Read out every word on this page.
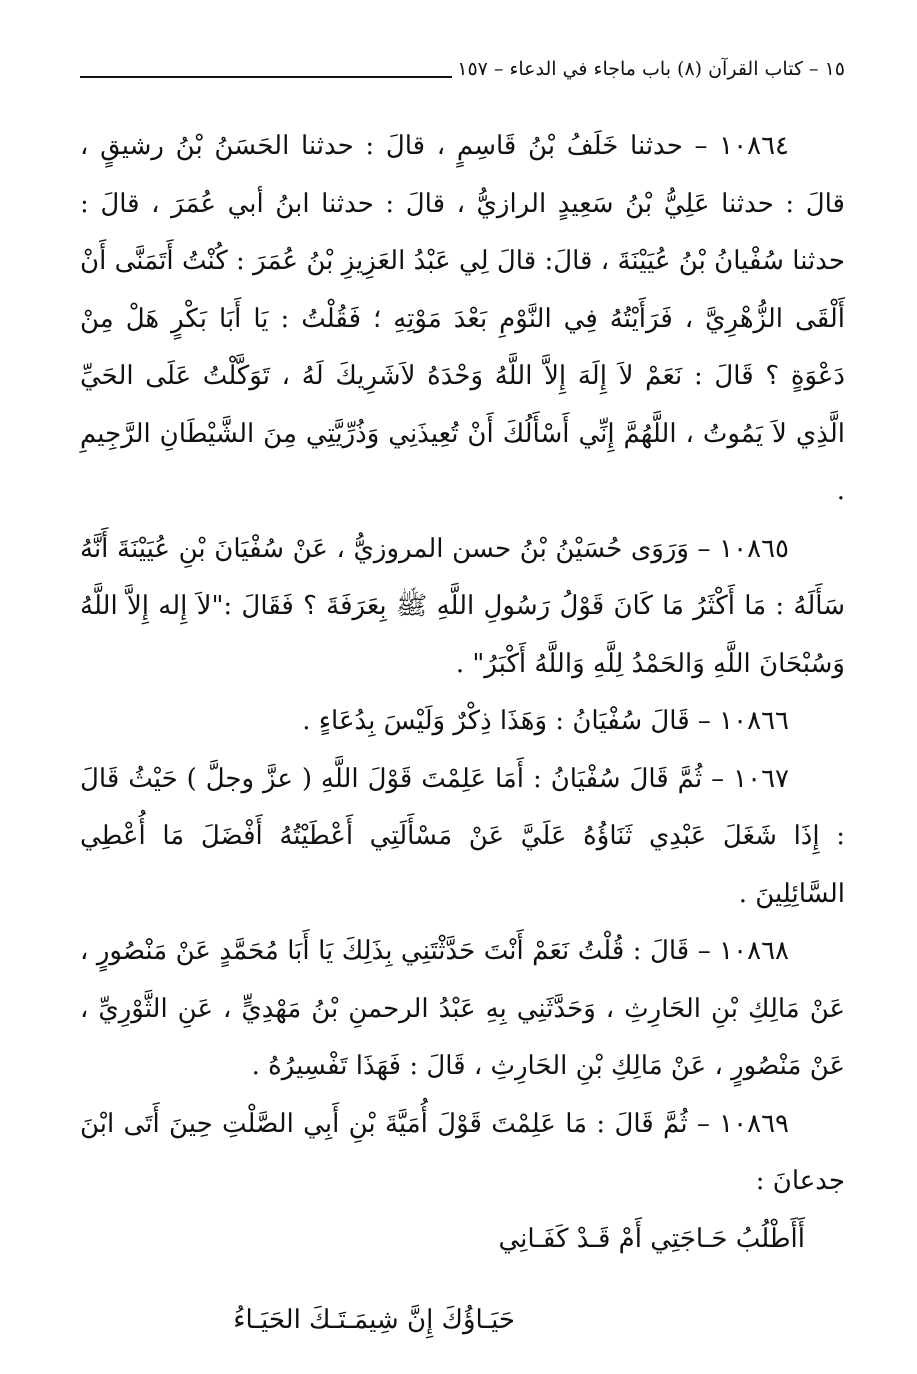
١٥ – كتاب القرآن (٨) باب ماجاء في الدعاء – ١٥٧

١٠٨٦٤ – حدثنا خَلَفُ بْنُ قَاسِمٍ ، قالَ : حدثنا الحَسَنُ بْنُ رشيقٍ ، قالَ : حدثنا عَلِيُّ بْنُ سَعِيدٍ الرازيُّ ، قالَ : حدثنا ابنُ أبي عُمَرَ ، قالَ : حدثنا سُفْيانُ بْنُ عُيَيْنَةَ ، قالَ: قالَ لِي عَبْدُ العَزِيزِ بْنُ عُمَرَ : كُنْتُ أَتَمَنَّى أَنْ أَلْقَى الزُّهْرِيَّ ، فَرَأَيْتُهُ فِي النَّوْمِ بَعْدَ مَوْتِهِ ؛ فَقُلْتُ : يَا أَبَا بَكْرٍ هَلْ مِنْ دَعْوَةٍ ؟ قَالَ : نَعَمْ لاَ إِلَهَ إِلاَّ اللَّهُ وَحْدَهُ لاَشَرِيكَ لَهُ ، تَوَكَّلْتُ عَلَى الحَيِّ الَّذِي لاَ يَمُوتُ ، اللَّهُمَّ إِنِّي أَسْأَلُكَ أَنْ تُعِيذَنِي وَذُرِّيَّتِي مِنَ الشَّيْطَانِ الرَّجِيمِ .

١٠٨٦٥ – وَرَوَى حُسَيْنُ بْنُ حسن المروزيُّ ، عَنْ سُفْيَانَ بْنِ عُيَيْنَةَ أَنَّهُ سَأَلَهُ : مَا أَكْثَرُ مَا كَانَ قَوْلُ رَسُولِ اللَّهِ ﷺ بِعَرَفَةَ ؟ فَقَالَ :"لاَ إِله إِلاَّ اللَّهُ وَسُبْحَانَ اللَّهِ وَالحَمْدُ لِلَّهِ وَاللَّهُ أَكْبَرُ" .

١٠٨٦٦ – قَالَ سُفْيَانُ : وَهَذَا ذِكْرٌ وَلَيْسَ بِدُعَاءٍ .

١٠٦٧ – ثُمَّ قَالَ سُفْيَانُ : أَمَا عَلِمْتَ قَوْلَ اللَّهِ ( عزَّ وجلَّ ) حَيْثُ قَالَ : إِذَا شَغَلَ عَبْدِي ثَنَاؤُهُ عَلَيَّ عَنْ مَسْأَلَتِي أَعْطَيْتُهُ أَفْضَلَ مَا أُعْطِي السَّائِلِينَ .

١٠٨٦٨ – قَالَ : قُلْتُ نَعَمْ أَنْتَ حَدَّثْتَنِي بِذَلِكَ يَا أَبَا مُحَمَّدٍ عَنْ مَنْصُورٍ ، عَنْ مَالِكِ بْنِ الحَارِثِ ، وَحَدَّثَنِي بِهِ عَبْدُ الرحمنِ بْنُ مَهْدِيٍّ ، عَنِ الثَّوْرِيِّ ، عَنْ مَنْصُورٍ ، عَنْ مَالِكِ بْنِ الحَارِثِ ، قَالَ : فَهَذَا تَفْسِيرُهُ .

١٠٨٦٩ – ثُمَّ قَالَ : مَا عَلِمْتَ قَوْلَ أُمَيَّةَ بْنِ أَبِي الصَّلْتِ حِينَ أَتَى ابْنَ جدعانَ :

أَأَطْلُبُ حَـاجَتِي أَمْ قَـدْ كَفَـانِي

حَيَـاؤُكَ إِنَّ شِيمَـتَـكَ الحَيَـاءُ
